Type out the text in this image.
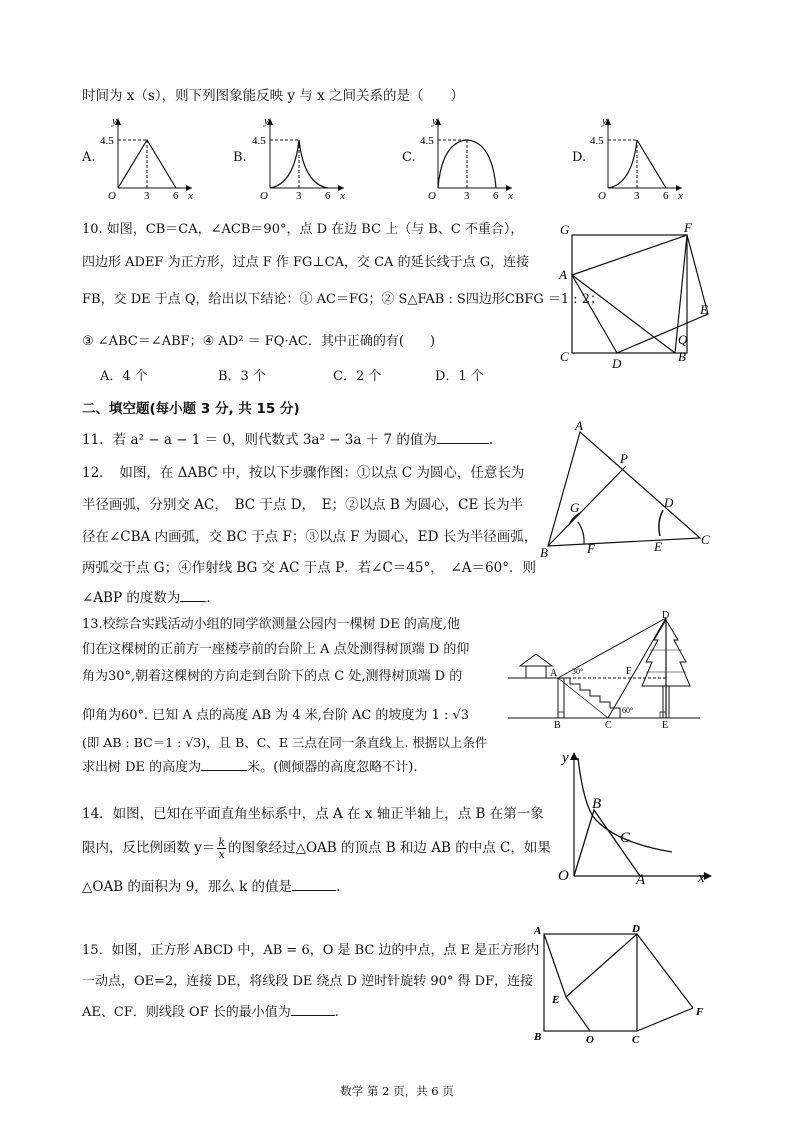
时间为 x（s），则下列图象能反映 y 与 x 之间关系的是（　　）
A.	B.	C.	D.
y
4.5
O	3 6 x
y
4.5
O	3 6 x
y
4.5
O	3 6 x
y
4.5
O	3 6 x
10. 如图，CB＝CA，∠ACB＝90°，点 D 在边 BC 上（与 B、C 不重合），
四边形 ADEF 为正方形，过点 F 作 FG⊥CA，交 CA 的延长线于点 G，连接
FB，交 DE 于点 Q，给出以下结论：① AC＝FG；② S△FAB : S四边形CBFG ＝1 : 2；
③ ∠ABC＝∠ABF；④ AD² ＝ FQ·AC．其中正确的有(　　)
A．4 个	B．3 个	C．2 个	D．1 个
G	F
A
E
C	D
Q
B
二、填空题(每小题 3 分, 共 15 分)
11．若 a² − a − 1 ＝ 0，则代数式 3a² − 3a ＋ 7 的值为	.
12．　如图，在 ΔABC 中，按以下步骤作图：①以点 C 为圆心，任意长为
半径画弧，分别交 AC，　BC 于点 D，　E；②以点 B 为圆心，CE 长为半
径在∠CBA 内画弧，交 BC 于点 F；③以点 F 为圆心，ED 长为半径画弧，
两弧交于点 G；④作射线 BG 交 AC 于点 P．若∠C＝45°，　∠A＝60°．则
∠ABP 的度数为 .
A
P
D
G
B	F	E	C
13.校综合实践活动小组的同学欲测量公园内一棵树 DE 的高度,他
们在这棵树的正前方一座楼亭前的台阶上 A 点处测得树顶端 D 的仰
角为30°,朝着这棵树的方向走到台阶下的点 C 处,测得树顶端 D 的
仰角为60°. 已知 A 点的高度 AB 为 4 米,台阶 AC 的坡度为 1 : √3
(即 AB : BC＝1 : √3)，且 B、C、E 三点在同一条直线上. 根据以上条件
求出树 DE 的高度为	米。(侧倾器的高度忽略不计).
D
A	F
B	C	E
30°
60°
14．如图，已知在平面直角坐标系中，点 A 在 x 轴正半轴上，点 B 在第一象
限内，反比例函数 $y= \frac{k}{x}$ 的图象经过△OAB 的顶点 B 和边 AB 的中点 C，如果
△OAB 的面积为 9，那么 k 的值是	.
y
x
O	A
B
C
15．如图，正方形 ABCD 中，AB = 6，O 是 BC 边的中点，点 E 是正方形内
一动点，OE=2，连接 DE，将线段 DE 绕点 D 逆时针旋转 90° 得 DF，连接
AE、CF．则线段 OF 长的最小值为	.
A	D
E
F
B	O	C
数学 第 2 页，共 6 页
